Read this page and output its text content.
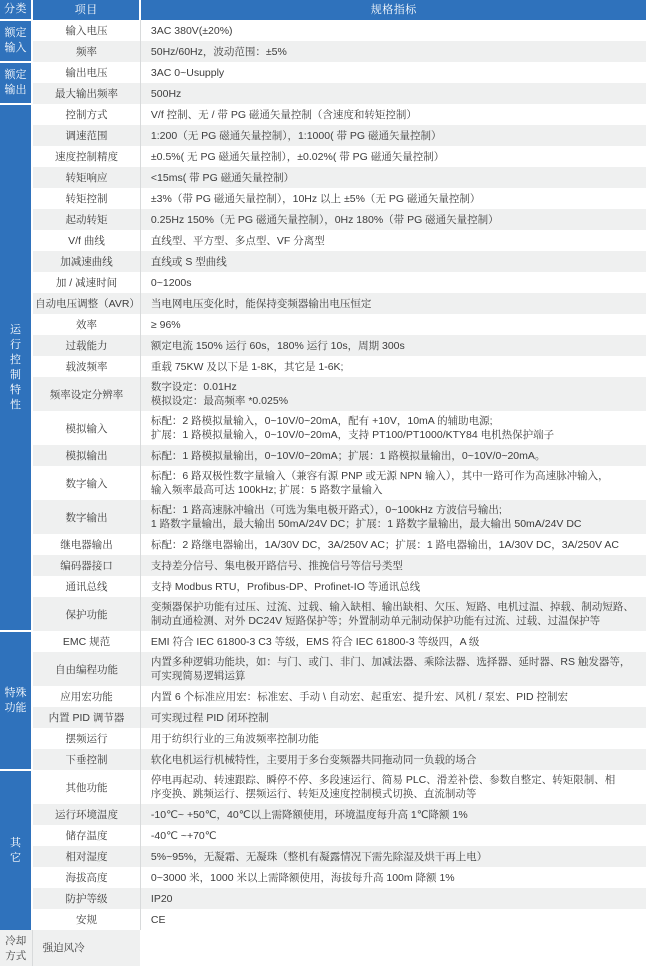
分类	项目	规格指标

额定
输入	输入电压	3AC 380V(±20%)

	频率	50Hz/60Hz，波动范围：±5%

额定
输出	输出电压	3AC 0~Usupply

	最大输出频率	500Hz

运
行
控
制
特
性
	控制方式	V/f 控制、无 / 带 PG 磁通矢量控制（含速度和转矩控制）

	调速范围	1:200（无 PG 磁通矢量控制），1:1000( 带 PG 磁通矢量控制）

	速度控制精度	±0.5%( 无 PG 磁通矢量控制），±0.02%( 带 PG 磁通矢量控制）

	转矩响应	<15ms( 带 PG 磁通矢量控制）

	转矩控制	±3%（带 PG 磁通矢量控制），10Hz 以上 ±5%（无 PG 磁通矢量控制）

	起动转矩	0.25Hz 150%（无 PG 磁通矢量控制），0Hz 180%（带 PG 磁通矢量控制）

	V/f 曲线	直线型、平方型、多点型、VF 分离型

	加减速曲线	直线或 S 型曲线

	加 / 减速时间	0~1200s

	自动电压调整（AVR）	当电网电压变化时，能保持变频器输出电压恒定

	效率	≥ 96%

	过载能力	额定电流 150% 运行 60s，180% 运行 10s，周期 300s

	载波频率	重载 75KW 及以下是 1-8K，其它是 1-6K;

	频率设定分辨率	数字设定：0.01Hz
模拟设定：最高频率 *0.025%

	模拟输入	标配：2 路模拟量输入，0~10V/0~20mA，配有 +10V，10mA 的辅助电源;
扩展：1 路模拟量输入，0~10V/0~20mA，支持 PT100/PT1000/KTY84 电机热保护端子

	模拟输出	标配：1 路模拟量输出，0~10V/0~20mA；扩展：1 路模拟量输出，0~10V/0~20mA。

	数字输入	标配：6 路双极性数字量输入（兼容有源 PNP 或无源 NPN 输入），其中一路可作为高速脉冲输入，
输入频率最高可达 100kHz; 扩展：5 路数字量输入

	数字输出	标配：1 路高速脉冲输出（可选为集电极开路式），0~100kHz 方波信号输出;
1 路数字量输出，最大输出 50mA/24V DC；扩展：1 路数字量输出，最大输出 50mA/24V DC

	继电器输出	标配：2 路继电器输出，1A/30V DC，3A/250V AC；扩展：1 路电器输出，1A/30V DC，3A/250V AC

	编码器接口	支持差分信号、集电极开路信号、推挽信号等信号类型

	通讯总线	支持 Modbus RTU，Profibus-DP、Profinet-IO 等通讯总线

	保护功能	变频器保护功能有过压、过流、过载、输入缺相、输出缺相、欠压、短路、电机过温、掉载、制动短路、
制动直通检测、对外 DC24V 短路保护等；外置制动单元制动保护功能有过流、过载、过温保护等

特殊
功能	EMC 规范	EMI 符合 IEC 61800-3 C3 等级，EMS 符合 IEC 61800-3 等级四，A 级

	自由编程功能	内置多种逻辑功能块，如：与门、或门、非门、加减法器、乘除法器、选择器、延时器、RS 触发器等，
可实现简易逻辑运算

	应用宏功能	内置 6 个标准应用宏：标准宏、手动 \ 自动宏、起重宏、提升宏、风机 / 泵宏、PID 控制宏

	内置 PID 调节器	可实现过程 PID 闭环控制

	摆频运行	用于纺织行业的三角波频率控制功能

	下垂控制	软化电机运行机械特性，主要用于多台变频器共同拖动同一负载的场合

其
它	其他功能	停电再起动、转速跟踪、瞬停不停、多段速运行、简易 PLC、滑差补偿、参数自整定、转矩限制、相
序变换、跳频运行、摆频运行、转矩及速度控制模式切换、直流制动等

	运行环境温度	-10℃~ +50℃，40℃以上需降额使用，环境温度每升高 1℃降额 1%

	储存温度	-40℃ ~+70℃

	相对湿度	5%~95%，无凝霜、无凝珠（整机有凝露情况下需先除湿及烘干再上电）

	海拔高度	0~3000 米，1000 米以上需降额使用，海拔每升高 100m 降额 1%

	防护等级	IP20

	安规	CE

冷却方式	强迫风冷	
